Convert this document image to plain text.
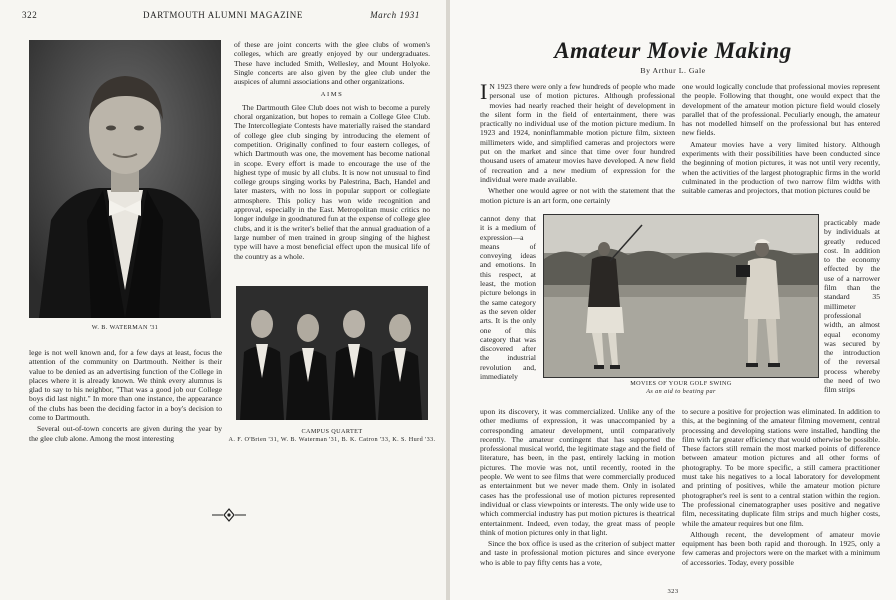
322	DARTMOUTH ALUMNI MAGAZINE	March 1931
W. B. WATERMAN '31

of these are joint concerts with the glee clubs of women's colleges, which are greatly enjoyed by our undergraduates. These have included Smith, Wellesley, and Mount Holyoke. Single concerts are also given by the glee club under the auspices of alumni associations and other organizations.

AIMS

The Dartmouth Glee Club does not wish to become a purely choral organization, but hopes to remain a College Glee Club. The Intercollegiate Contests have materially raised the standard of college glee club singing by introducing the element of competition. Originally confined to four eastern colleges, of which Dartmouth was one, the movement has become national in scope. Every effort is made to encourage the use of the highest type of music by all clubs. It is now not unusual to find college groups singing works by Palestrina, Bach, Handel and later masters, with no loss in popular support or collegiate atmosphere. This policy has won wide recognition and approval, especially in the East. Metropolitan music critics no longer indulge in goodnatured fun at the expense of college glee clubs, and it is the writer's belief that the annual graduation of a large number of men trained in group singing of the highest type will have a most beneficial effect upon the musical life of the country as a whole.

CAMPUS QUARTET
A. F. O'Brien '31, W. B. Waterman '31, B. K. Catron '33, K. S. Hurd '33.

lege is not well known and, for a few days at least, focus the attention of the community on Dartmouth. Neither is their value to be denied as an advertising function of the College in places where it is already known. We think every alumnus is glad to say to his neighbor, "That was a good job our College boys did last night." In more than one instance, the appearance of the clubs has been the deciding factor in a boy's decision to come to Dartmouth.

Several out-of-town concerts are given during the year by the glee club alone. Among the most interesting

Amateur Movie Making
By Arthur L. Gale

I N 1923 there were only a few hundreds of people who made personal use of motion pictures. Although professional movies had nearly reached their height of development in the silent form in the field of entertainment, there was practically no individual use of the motion picture medium. In 1923 and 1924, noninflammable motion picture film, sixteen millimeters wide, and simplified cameras and projectors were put on the market and since that time over four hundred thousand users of amateur movies have developed. A new field of recreation and a new medium of expression for the individual were made available.

Whether one would agree or not with the statement that the motion picture is an art form, one certainly

cannot deny that it is a medium of expression—a means of conveying ideas and emotions. In this respect, at least, the motion picture belongs in the same category as the seven older arts. It is the only one of this category that was discovered after the industrial revolution and, immediately

upon its discovery, it was commercialized. Unlike any of the other mediums of expression, it was unaccompanied by a corresponding amateur development, until comparatively recently. The amateur contingent that has supported the professional musical world, the legitimate stage and the field of literature, has been, in the past, entirely lacking in motion pictures. The movie was not, until recently, rooted in the people. We went to see films that were commercially produced as entertainment but we never made them. Only in isolated cases has the professional use of motion pictures represented individual or class viewpoints or interests. The only wide use to which commercial industry has put motion pictures is theatrical entertainment. Indeed, even today, the great mass of people think of motion pictures only in that light.

Since the box office is used as the criterion of subject matter and taste in professional motion pictures and since everyone who is able to pay fifty cents has a vote,

one would logically conclude that professional movies represent the people. Following that thought, one would expect that the development of the amateur motion picture field would closely parallel that of the professional. Peculiarly enough, the amateur has not modelled himself on the professional but has entered new fields.

Amateur movies have a very limited history. Although experiments with their possibilities have been conducted since the beginning of motion pictures, it was not until very recently, when the activities of the largest photographic firms in the world culminated in the production of two narrow film widths with suitable cameras and projectors, that motion pictures could be

practicably made by individuals at greatly reduced cost. In addition to the economy effected by the use of a narrower film than the standard 35 millimeter professional width, an almost equal economy was secured by the introduction of the reversal process whereby the need of two film strips

to secure a positive for projection was eliminated. In addition to this, at the beginning of the amateur filming movement, central processing and developing stations were installed, handling the film with far greater efficiency that would otherwise be possible. These factors still remain the most marked points of difference between amateur motion pictures and all other forms of photography. To be more specific, a still camera practitioner must take his negatives to a local laboratory for development and printing of positives, while the amateur motion picture photographer's reel is sent to a central station within the region. The professional cinematographer uses positive and negative film, necessitating duplicate film strips and much higher costs, while the amateur requires but one film.

Although recent, the development of amateur movie equipment has been both rapid and thorough. In 1925, only a few cameras and projectors were on the market with a minimum of accessories. Today, every possible

MOVIES OF YOUR GOLF SWING
As an aid to beating par
323
